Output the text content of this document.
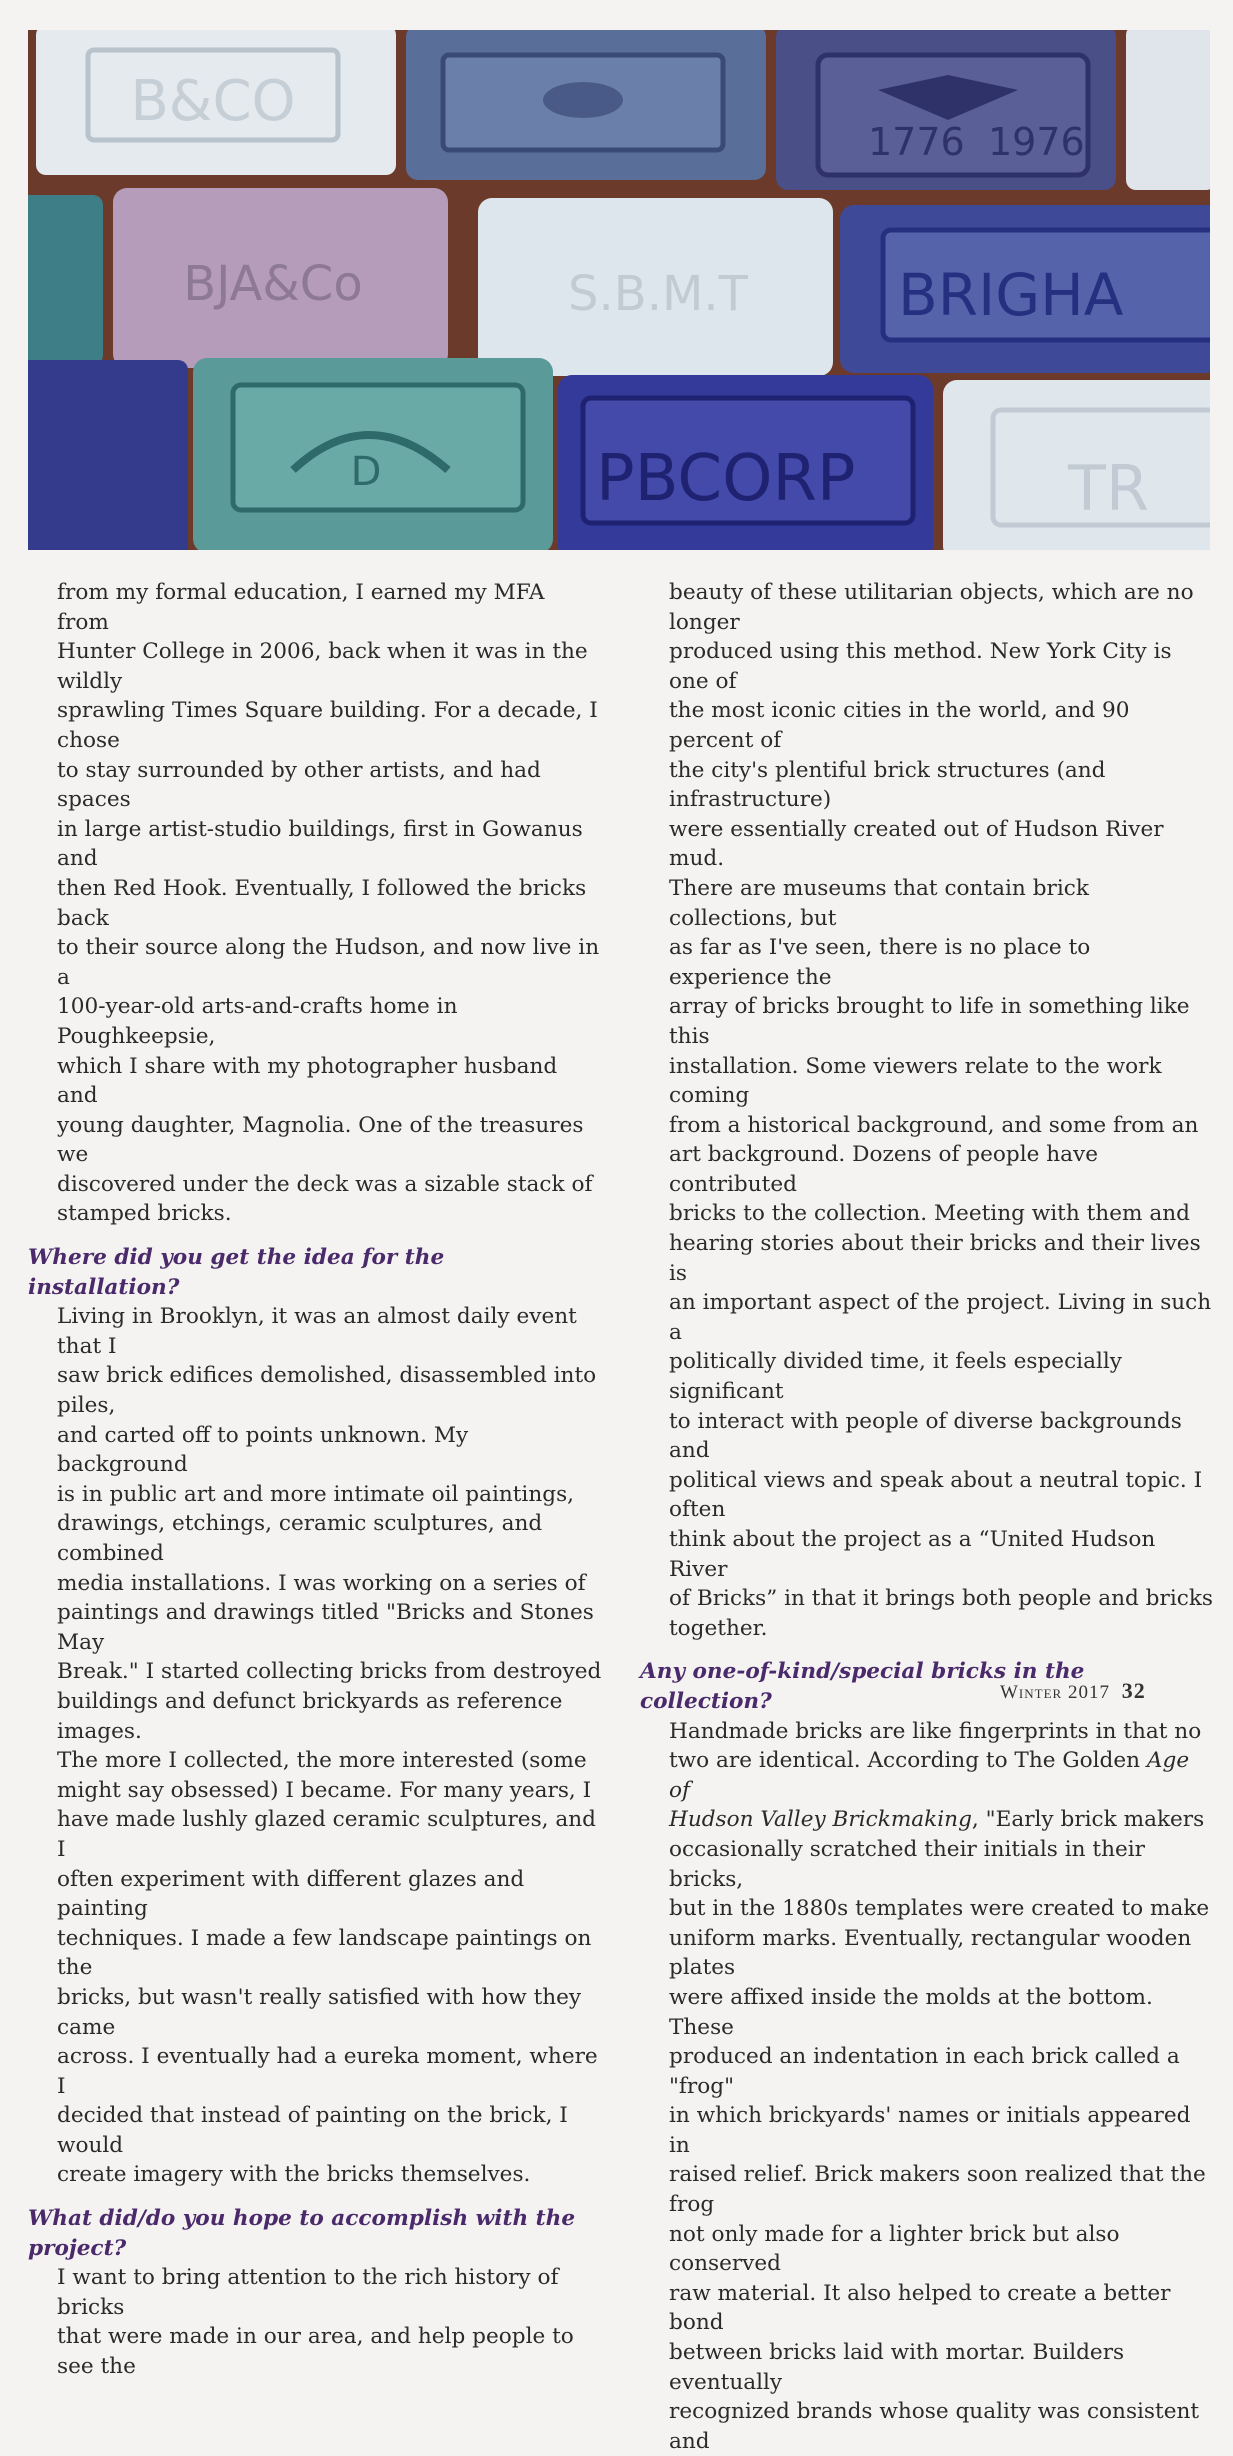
B&CO
1776 1976
BJA&Co	S.B.M.T	BRIGHA
D	PBCORP	TR

from my formal education, I earned my MFA from
Hunter College in 2006, back when it was in the wildly
sprawling Times Square building. For a decade, I chose
to stay surrounded by other artists, and had spaces
in large artist-studio buildings, first in Gowanus and
then Red Hook. Eventually, I followed the bricks back
to their source along the Hudson, and now live in a
100-year-old arts-and-crafts home in Poughkeepsie,
which I share with my photographer husband and
young daughter, Magnolia. One of the treasures we
discovered under the deck was a sizable stack of
stamped bricks.

Where did you get the idea for the installation?

Living in Brooklyn, it was an almost daily event that I
saw brick edifices demolished, disassembled into piles,
and carted off to points unknown. My background
is in public art and more intimate oil paintings,
drawings, etchings, ceramic sculptures, and combined
media installations. I was working on a series of
paintings and drawings titled "Bricks and Stones May
Break." I started collecting bricks from destroyed
buildings and defunct brickyards as reference images.
The more I collected, the more interested (some
might say obsessed) I became. For many years, I
have made lushly glazed ceramic sculptures, and I
often experiment with different glazes and painting
techniques. I made a few landscape paintings on the
bricks, but wasn't really satisfied with how they came
across. I eventually had a eureka moment, where I
decided that instead of painting on the brick, I would
create imagery with the bricks themselves.

What did/do you hope to accomplish with the project?

I want to bring attention to the rich history of bricks
that were made in our area, and help people to see the

beauty of these utilitarian objects, which are no longer
produced using this method. New York City is one of
the most iconic cities in the world, and 90 percent of
the city's plentiful brick structures (and infrastructure)
were essentially created out of Hudson River mud.
There are museums that contain brick collections, but
as far as I've seen, there is no place to experience the
array of bricks brought to life in something like this
installation. Some viewers relate to the work coming
from a historical background, and some from an
art background. Dozens of people have contributed
bricks to the collection. Meeting with them and
hearing stories about their bricks and their lives is
an important aspect of the project. Living in such a
politically divided time, it feels especially significant
to interact with people of diverse backgrounds and
political views and speak about a neutral topic. I often
think about the project as a “United Hudson River
of Bricks” in that it brings both people and bricks
together.

Any one-of-kind/special bricks in the collection?

Handmade bricks are like fingerprints in that no
two are identical. According to The Golden Age of
Hudson Valley Brickmaking, "Early brick makers
occasionally scratched their initials in their bricks,
but in the 1880s templates were created to make
uniform marks. Eventually, rectangular wooden plates
were affixed inside the molds at the bottom. These
produced an indentation in each brick called a "frog"
in which brickyards' names or initials appeared in
raised relief. Brick makers soon realized that the frog
not only made for a lighter brick but also conserved
raw material. It also helped to create a better bond
between bricks laid with mortar. Builders eventually
recognized brands whose quality was consistent and

Winter 2017 32
